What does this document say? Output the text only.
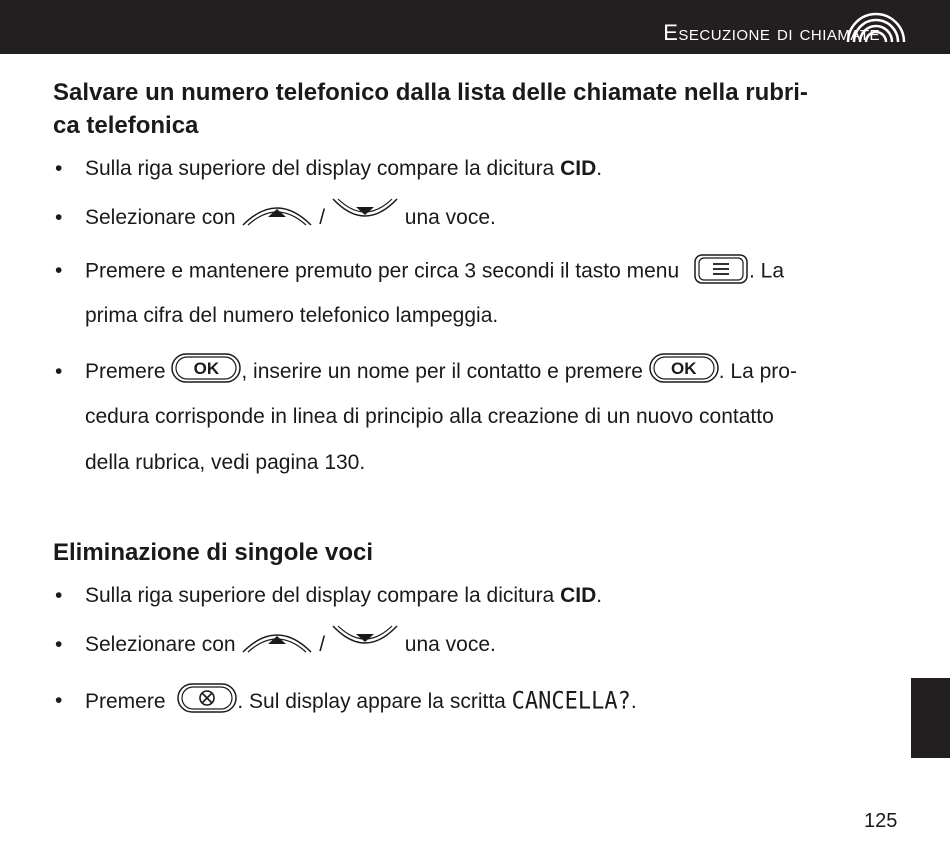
Esecuzione di chiamate
Salvare un numero telefonico dalla lista delle chiamate nella rubri-
ca telefonica
• Sulla riga superiore del display compare la dicitura CID.
• Selezionare con	/	una voce.
• Premere e mantenere premuto per circa 3 secondi il tasto menu	. La
prima cifra del numero telefonico lampeggia.
• Premere	OK	, inserire un nome per il contatto e premere	OK	. La pro-
cedura corrisponde in linea di principio alla creazione di un nuovo contatto
della rubrica, vedi pagina 130.
Eliminazione di singole voci
• Sulla riga superiore del display compare la dicitura CID.
• Selezionare con	/	una voce.
• Premere	. Sul display appare la scritta CANCELLA?.
125
